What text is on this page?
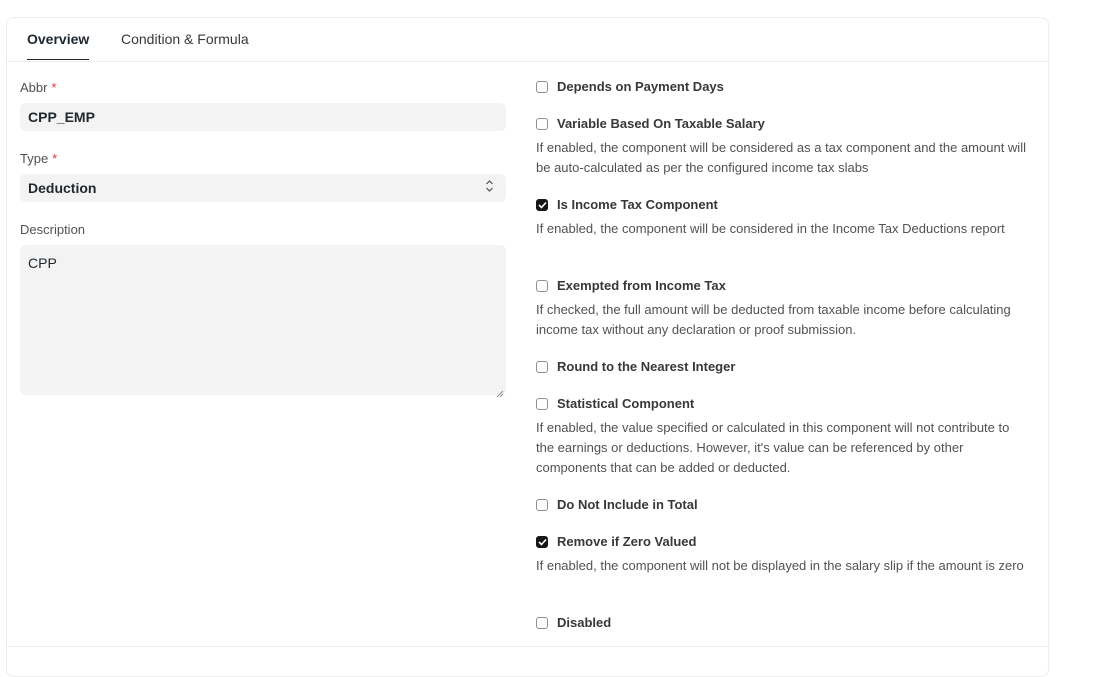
Overview Condition & Formula
Abbr *
CPP_EMP
Type *
Deduction
Description
CPP
Depends on Payment Days
Variable Based On Taxable Salary
If enabled, the component will be considered as a tax component and the amount will be auto-calculated as per the configured income tax slabs
Is Income Tax Component
If enabled, the component will be considered in the Income Tax Deductions report
Exempted from Income Tax
If checked, the full amount will be deducted from taxable income before calculating income tax without any declaration or proof submission.
Round to the Nearest Integer
Statistical Component
If enabled, the value specified or calculated in this component will not contribute to the earnings or deductions. However, it's value can be referenced by other components that can be added or deducted.
Do Not Include in Total
Remove if Zero Valued
If enabled, the component will not be displayed in the salary slip if the amount is zero
Disabled
